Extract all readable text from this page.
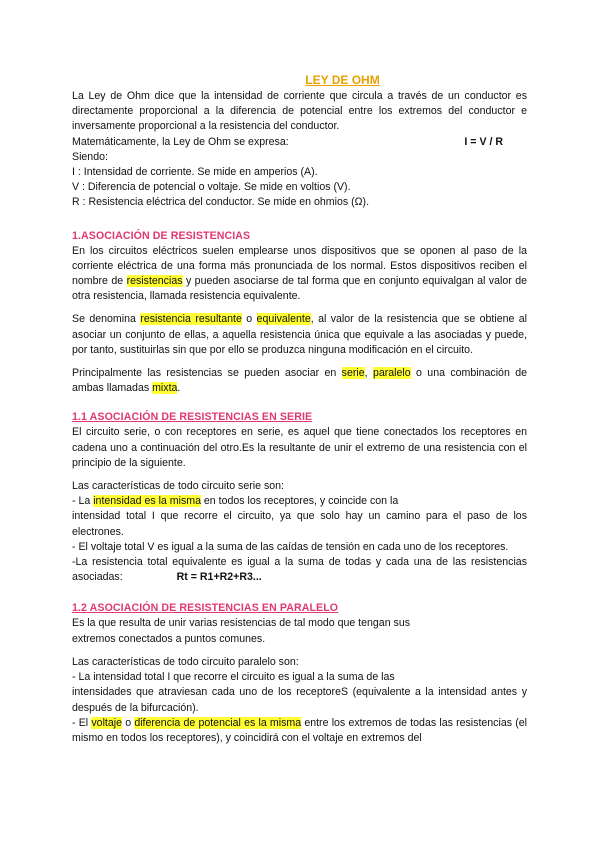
LEY DE OHM

La Ley de Ohm dice que la intensidad de corriente que circula a través de un conductor es directamente proporcional a la diferencia de potencial entre los extremos del conductor e inversamente proporcional a la resistencia del conductor.

Matemáticamente, la Ley de Ohm se expresa:	I = V / R
Siendo:
I : Intensidad de corriente. Se mide en amperios (A).
V : Diferencia de potencial o voltaje. Se mide en voltios (V).
R : Resistencia eléctrica del conductor. Se mide en ohmios (Ω).
1.ASOCIACIÓN DE RESISTENCIAS

En los circuitos eléctricos suelen emplearse unos dispositivos que se oponen al paso de la corriente eléctrica de una forma más pronunciada de los normal. Estos dispositivos reciben el nombre de resistencias y pueden asociarse de tal forma que en conjunto equivalgan al valor de otra resistencia, llamada resistencia equivalente.

Se denomina resistencia resultante o equivalente, al valor de la resistencia que se obtiene al asociar un conjunto de ellas, a aquella resistencia única que equivale a las asociadas y puede, por tanto, sustituirlas sin que por ello se produzca ninguna modificación en el circuito.

Principalmente las resistencias se pueden asociar en serie, paralelo o una combinación de ambas llamadas mixta.

1.1 ASOCIACIÓN DE RESISTENCIAS EN SERIE

El circuito serie, o con receptores en serie, es aquel que tiene conectados los receptores en cadena uno a continuación del otro.Es la resultante de unir el extremo de una resistencia con el principio de la siguiente.

Las características de todo circuito serie son:

- La intensidad es la misma en todos los receptores, y coincide con la

intensidad total I que recorre el circuito, ya que solo hay un camino para el paso de los electrones.

- El voltaje total V es igual a la suma de las caídas de tensión en cada uno de los receptores.

-La resistencia total equivalente es igual a la suma de todas y cada una de las resistencias asociadas:	Rt = R1+R2+R3...

1.2 ASOCIACIÓN DE RESISTENCIAS EN PARALELO
Es la que resulta de unir varias resistencias de tal modo que tengan sus
extremos conectados a puntos comunes.

Las características de todo circuito paralelo son:

- La intensidad total I que recorre el circuito es igual a la suma de las

intensidades que atraviesan cada uno de los receptoreS (equivalente a la intensidad antes y después de la bifurcación).

- El voltaje o diferencia de potencial es la misma entre los extremos de todas las resistencias (el mismo en todos los receptores), y coincidirá con el voltaje en extremos del
